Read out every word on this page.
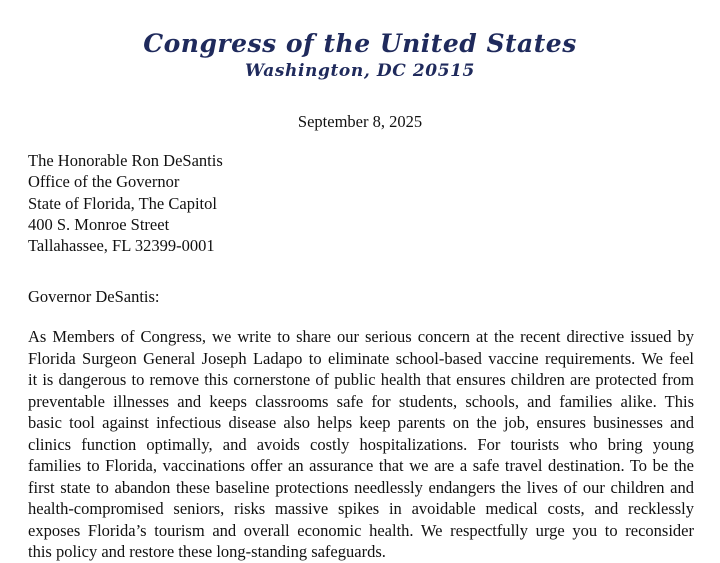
Congress of the United States
Washington, DC 20515
September 8, 2025
The Honorable Ron DeSantis
Office of the Governor
State of Florida, The Capitol
400 S. Monroe Street
Tallahassee, FL 32399-0001
Governor DeSantis:
As Members of Congress, we write to share our serious concern at the recent directive issued by
Florida Surgeon General Joseph Ladapo to eliminate school-based vaccine requirements. We feel
it is dangerous to remove this cornerstone of public health that ensures children are protected from
preventable illnesses and keeps classrooms safe for students, schools, and families alike. This
basic tool against infectious disease also helps keep parents on the job, ensures businesses and
clinics function optimally, and avoids costly hospitalizations. For tourists who bring young
families to Florida, vaccinations offer an assurance that we are a safe travel destination. To be the
first state to abandon these baseline protections needlessly endangers the lives of our children and
health-compromised seniors, risks massive spikes in avoidable medical costs, and recklessly
exposes Florida’s tourism and overall economic health. We respectfully urge you to reconsider
this policy and restore these long-standing safeguards.
